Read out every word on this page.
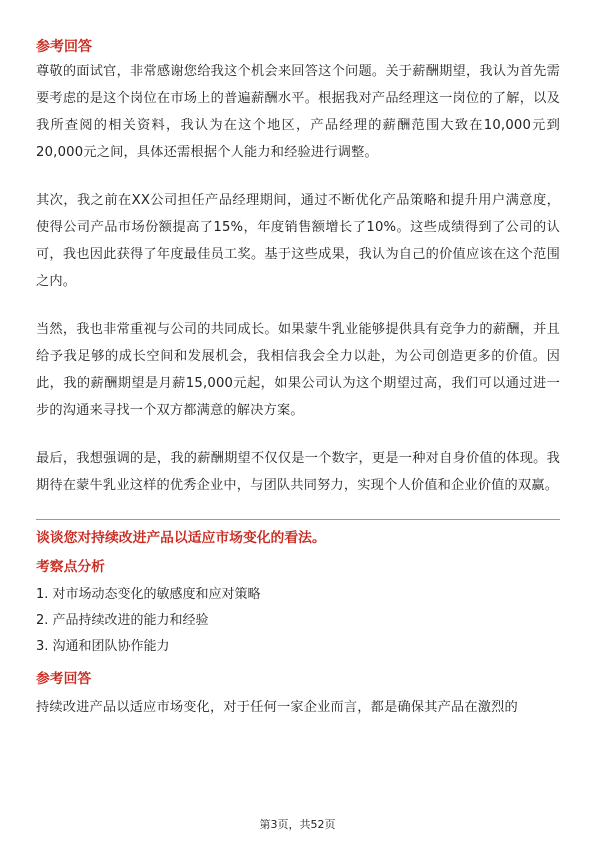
参考回答

尊敬的面试官，非常感谢您给我这个机会来回答这个问题。关于薪酬期望，我认为首先需要考虑的是这个岗位在市场上的普遍薪酬水平。根据我对产品经理这一岗位的了解，以及我所查阅的相关资料，我认为在这个地区，产品经理的薪酬范围大致在10,000元到20,000元之间，具体还需根据个人能力和经验进行调整。

其次，我之前在XX公司担任产品经理期间，通过不断优化产品策略和提升用户满意度，使得公司产品市场份额提高了15%，年度销售额增长了10%。这些成绩得到了公司的认可，我也因此获得了年度最佳员工奖。基于这些成果，我认为自己的价值应该在这个范围之内。

当然，我也非常重视与公司的共同成长。如果蒙牛乳业能够提供具有竞争力的薪酬，并且给予我足够的成长空间和发展机会，我相信我会全力以赴，为公司创造更多的价值。因此，我的薪酬期望是月薪15,000元起，如果公司认为这个期望过高，我们可以通过进一步的沟通来寻找一个双方都满意的解决方案。

最后，我想强调的是，我的薪酬期望不仅仅是一个数字，更是一种对自身价值的体现。我期待在蒙牛乳业这样的优秀企业中，与团队共同努力，实现个人价值和企业价值的双赢。

谈谈您对持续改进产品以适应市场变化的看法。

考察点分析

1. 对市场动态变化的敏感度和应对策略

2. 产品持续改进的能力和经验

3. 沟通和团队协作能力

参考回答

持续改进产品以适应市场变化，对于任何一家企业而言，都是确保其产品在激烈的

第3页，共52页
